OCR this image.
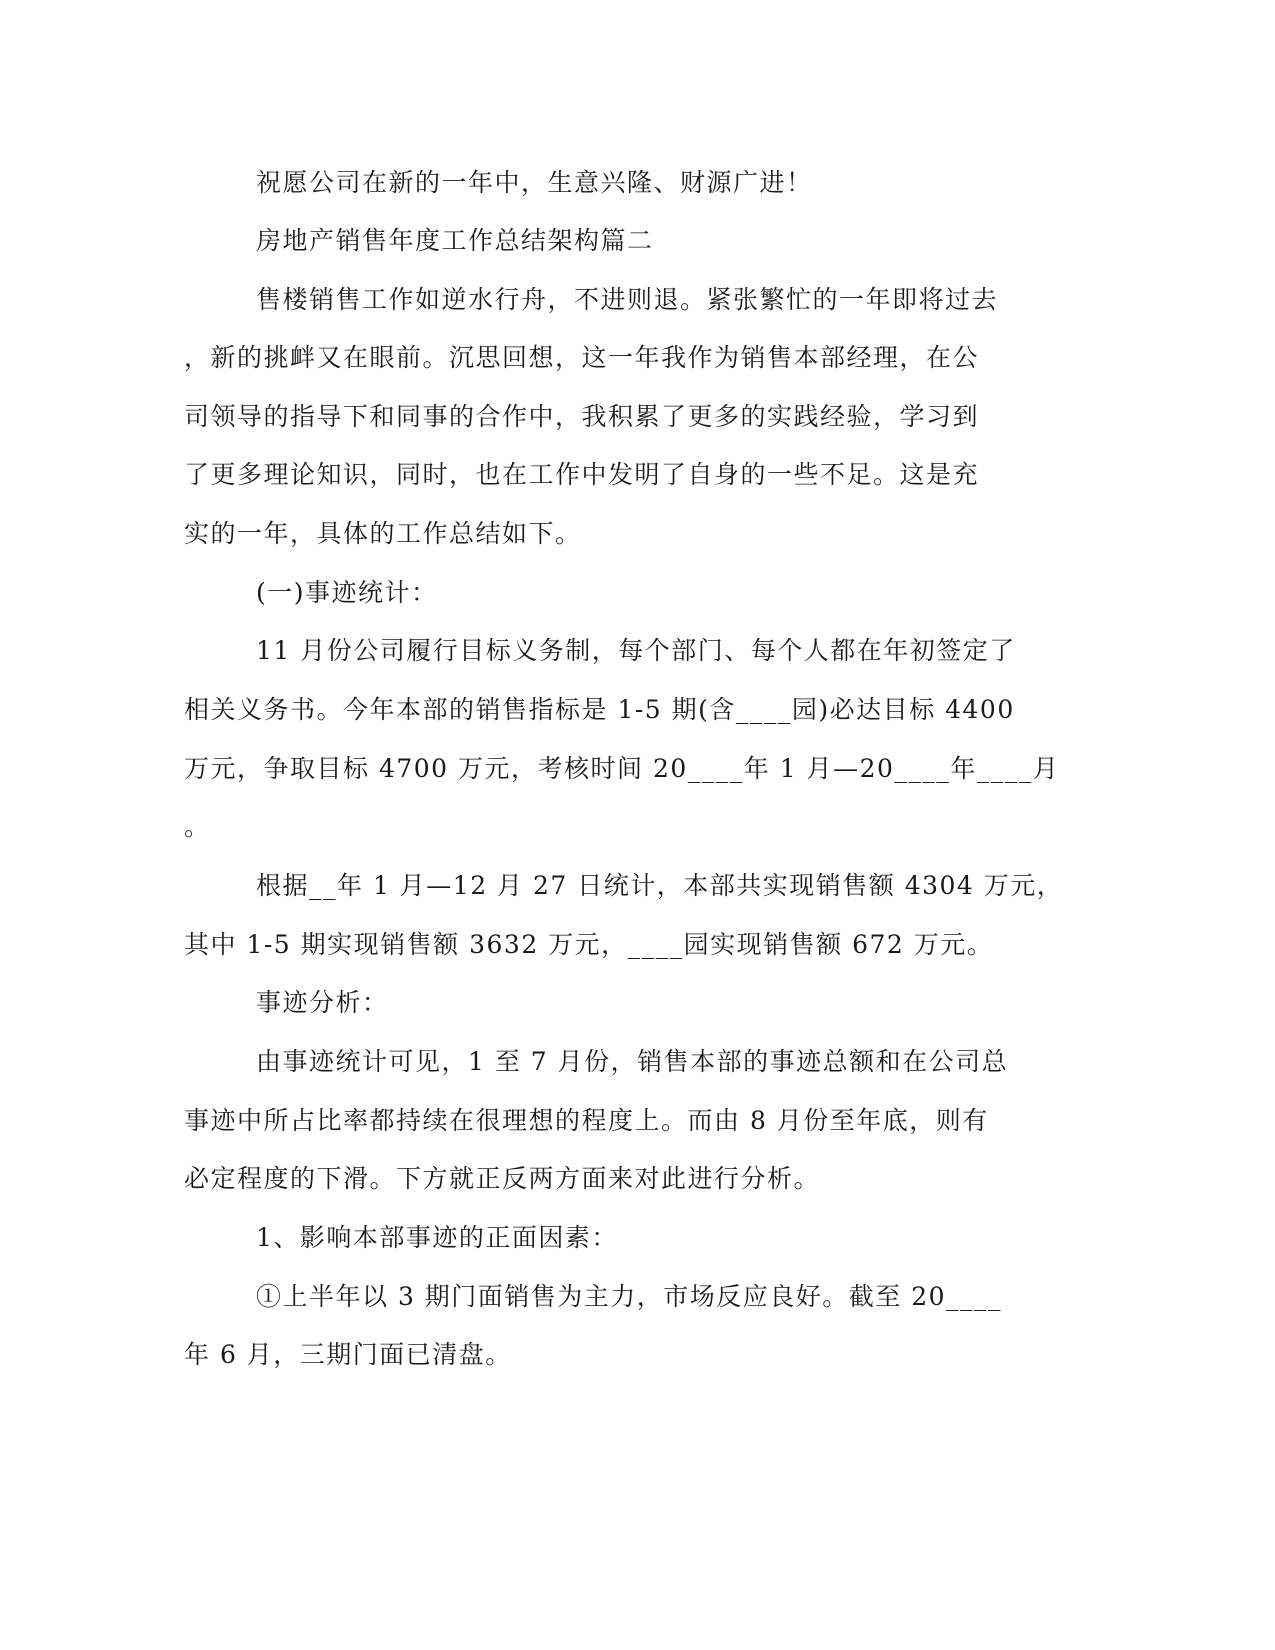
祝愿公司在新的一年中，生意兴隆、财源广进！
房地产销售年度工作总结架构篇二
售楼销售工作如逆水行舟，不进则退。紧张繁忙的一年即将过去
，新的挑衅又在眼前。沉思回想，这一年我作为销售本部经理，在公
司领导的指导下和同事的合作中，我积累了更多的实践经验，学习到
了更多理论知识，同时，也在工作中发明了自身的一些不足。这是充
实的一年，具体的工作总结如下。
(一)事迹统计：
11 月份公司履行目标义务制，每个部门、每个人都在年初签定了
相关义务书。今年本部的销售指标是 1-5 期(含____园)必达目标 4400
万元，争取目标 4700 万元，考核时间 20____年 1 月—20____年____月
。
根据__年 1 月—12 月 27 日统计，本部共实现销售额 4304 万元，
其中 1-5 期实现销售额 3632 万元，____园实现销售额 672 万元。
事迹分析：
由事迹统计可见，1 至 7 月份，销售本部的事迹总额和在公司总
事迹中所占比率都持续在很理想的程度上。而由 8 月份至年底，则有
必定程度的下滑。下方就正反两方面来对此进行分析。
1、影响本部事迹的正面因素：
①上半年以 3 期门面销售为主力，市场反应良好。截至 20____
年 6 月，三期门面已清盘。
